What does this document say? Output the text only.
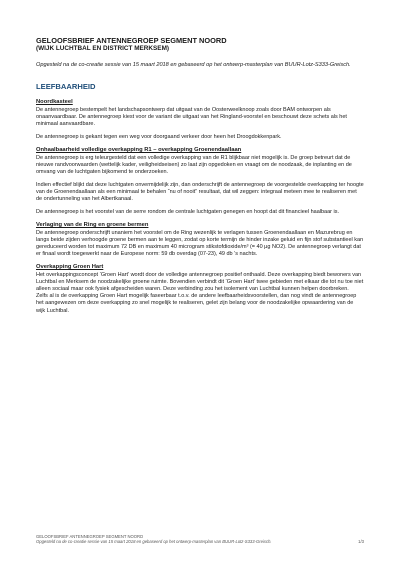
GELOOFSBRIEF ANTENNEGROEP SEGMENT NOORD
(WIJK LUCHTBAL EN DISTRICT MERKSEM)
Opgesteld na de co-creatie sessie van 15 maart 2018 en gebaseerd op het ontwerp-masterplan van BUUR-Lotz-S333-Greisch.
LEEFBAARHEID
Noordkasteel
De antennegroep bestempelt het landschapsontwerp dat uitgaat van de Oosterweelknoop zoals door BAM ontworpen als onaanvaardbaar. De antennegroep kiest voor de variant die uitgaat van het Ringland-voorstel en beschouwt deze schets als het minimaal aanvaardbare.
De antennegroep is gekant tegen een weg voor doorgaand verkeer door heen het Droogdokkenpark.
Onhaalbaarheid volledige overkapping R1 – overkapping Groenendaallaan
De antennegroep is erg teleurgesteld dat een volledige overkapping van de R1 blijkbaar niet mogelijk is. De groep betreurt dat de nieuwe randvoorwaarden (wettelijk kader, veiligheidseisen) zo laat zijn opgedoken en vraagt om de noodzaak, de inplanting en de omvang van de luchtgaten bijkomend te onderzoeken.
Indien effectief blijkt dat deze luchtgaten onvermijdelijk zijn, dan onderschrijft de antennegroep de voorgestelde overkapping ter hoogte van de Groenendaallaan als een minimaal te behalen “nu of nooit” resultaat, dat wil zeggen: integraal meteen mee te realiseren met de ondertunneling van het Albertkanaal.
De antennegroep is het voorstel van de serre rondom de centrale luchtgaten genegen en hoopt dat dit financieel haalbaar is.
Verlaging van de Ring en groene bermen
De antennegroep onderschrijft unaniem het voorstel om de Ring wezenlijk te verlagen tussen Groenendaallaan en Mazurebrug en langs beide zijden verhoogde groene bermen aan te leggen, zodat op korte termijn de hinder inzake geluid en fijn stof substantieel kan gereduceerd worden tot maximum 72 DB en maximum 40 microgram stikstofdioxide/m³ (= 40 µg NO2). De antennegroep verlangt dat er finaal wordt toegewerkt naar de Europese norm: 59 db overdag (07-23), 49 db ’s nachts.
Overkapping Groen Hart
Het overkappingsconcept ‘Groen Hart’ wordt door de volledige antennegroep positief onthaald. Deze overkapping biedt bewoners van Luchtbal en Merksem de noodzakelijke groene ruimte. Bovendien verbindt dit ‘Groen Hart’ twee gebieden met elkaar die tot nu toe niet alleen sociaal maar ook fysiek afgescheiden waren. Deze verbinding zou het isolement van Luchtbal kunnen helpen doorbreken.
Zelfs al is de overkapping Groen Hart mogelijk faseerbaar t.o.v. de andere leefbaarheidsvoorstellen, dan nog vindt de antennegroep het aangewezen om deze overkapping zo snel mogelijk te realiseren, gelet zijn belang voor de noodzakelijke opwaardering van de wijk Luchtbal.
GELOOFSBRIEF ANTENNEGROEP SEGMENT NOORD
Opgesteld na de co-creatie sessie van 15 maart 2018 en gebaseerd op het ontwerp-masterplan van BUUR-Lotz-S333-Greisch.	1/3
